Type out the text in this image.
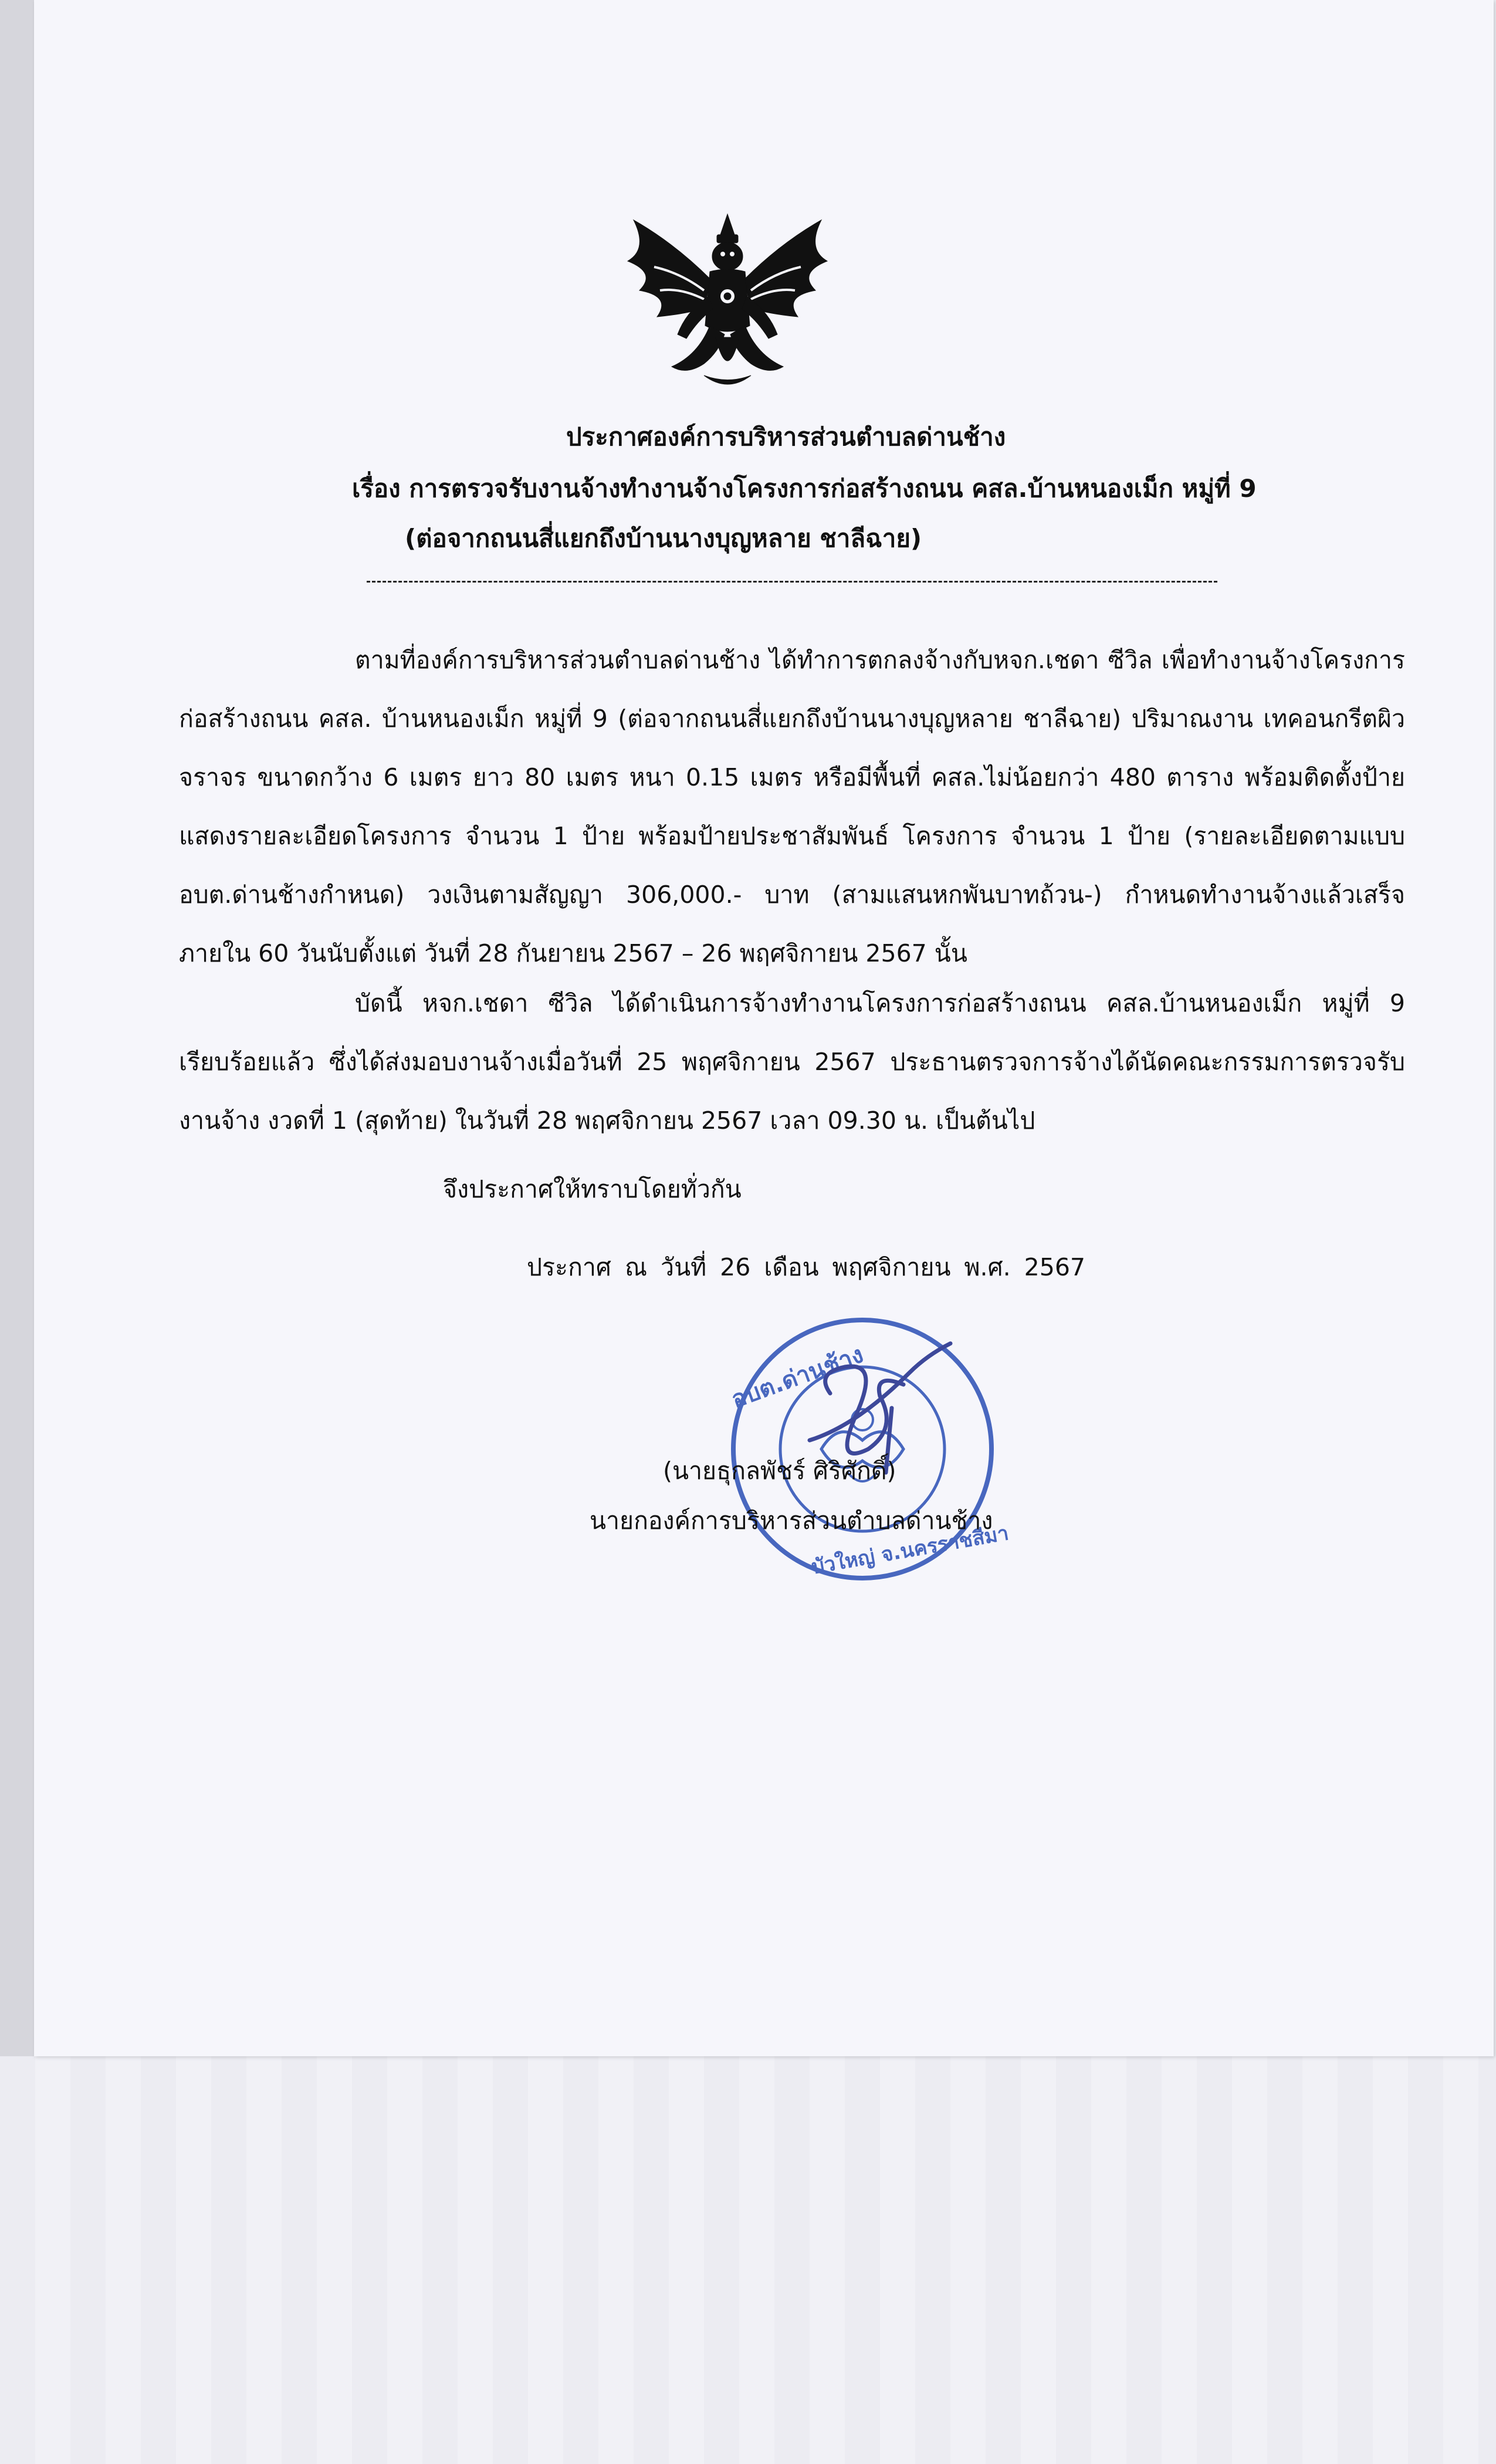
ประกาศองค์การบริหารส่วนตำบลด่านช้าง
เรื่อง การตรวจรับงานจ้างทำงานจ้างโครงการก่อสร้างถนน คสล.บ้านหนองเม็ก หมู่ที่ 9
(ต่อจากถนนสี่แยกถึงบ้านนางบุญหลาย ชาลีฉาย)
ตามที่องค์การบริหารส่วนตำบลด่านช้าง ได้ทำการตกลงจ้างกับหจก.เชดา ซีวิล เพื่อทำงานจ้างโครงการก่อสร้างถนน คสล. บ้านหนองเม็ก หมู่ที่ 9 (ต่อจากถนนสี่แยกถึงบ้านนางบุญหลาย ชาลีฉาย) ปริมาณงาน เทคอนกรีตผิวจราจร ขนาดกว้าง 6 เมตร ยาว 80 เมตร หนา 0.15 เมตร หรือมีพื้นที่ คสล.ไม่น้อยกว่า 480 ตาราง พร้อมติดตั้งป้ายแสดงรายละเอียดโครงการ จำนวน 1 ป้าย พร้อมป้ายประชาสัมพันธ์ โครงการ จำนวน 1 ป้าย (รายละเอียดตามแบบ อบต.ด่านช้างกำหนด) วงเงินตามสัญญา 306,000.- บาท (สามแสนหกพันบาทถ้วน-) กำหนดทำงานจ้างแล้วเสร็จ ภายใน 60 วันนับตั้งแต่ วันที่ 28 กันยายน 2567 – 26 พฤศจิกายน 2567 นั้น
บัดนี้ หจก.เชดา ซีวิล ได้ดำเนินการจ้างทำงานโครงการก่อสร้างถนน คสล.บ้านหนองเม็ก หมู่ที่ 9 เรียบร้อยแล้ว ซึ่งได้ส่งมอบงานจ้างเมื่อวันที่ 25 พฤศจิกายน 2567 ประธานตรวจการจ้างได้นัดคณะกรรมการตรวจรับงานจ้าง งวดที่ 1 (สุดท้าย) ในวันที่ 28 พฤศจิกายน 2567 เวลา 09.30 น. เป็นต้นไป
จึงประกาศให้ทราบโดยทั่วกัน
ประกาศ ณ วันที่ 26 เดือน พฤศจิกายน พ.ศ. 2567
อบต.ด่านช้าง
บัวใหญ่ จ.นครราชสีมา
(นายธุกลพัชร์ ศิริศักดิ์)
นายกองค์การบริหารส่วนตำบลด่านช้าง
